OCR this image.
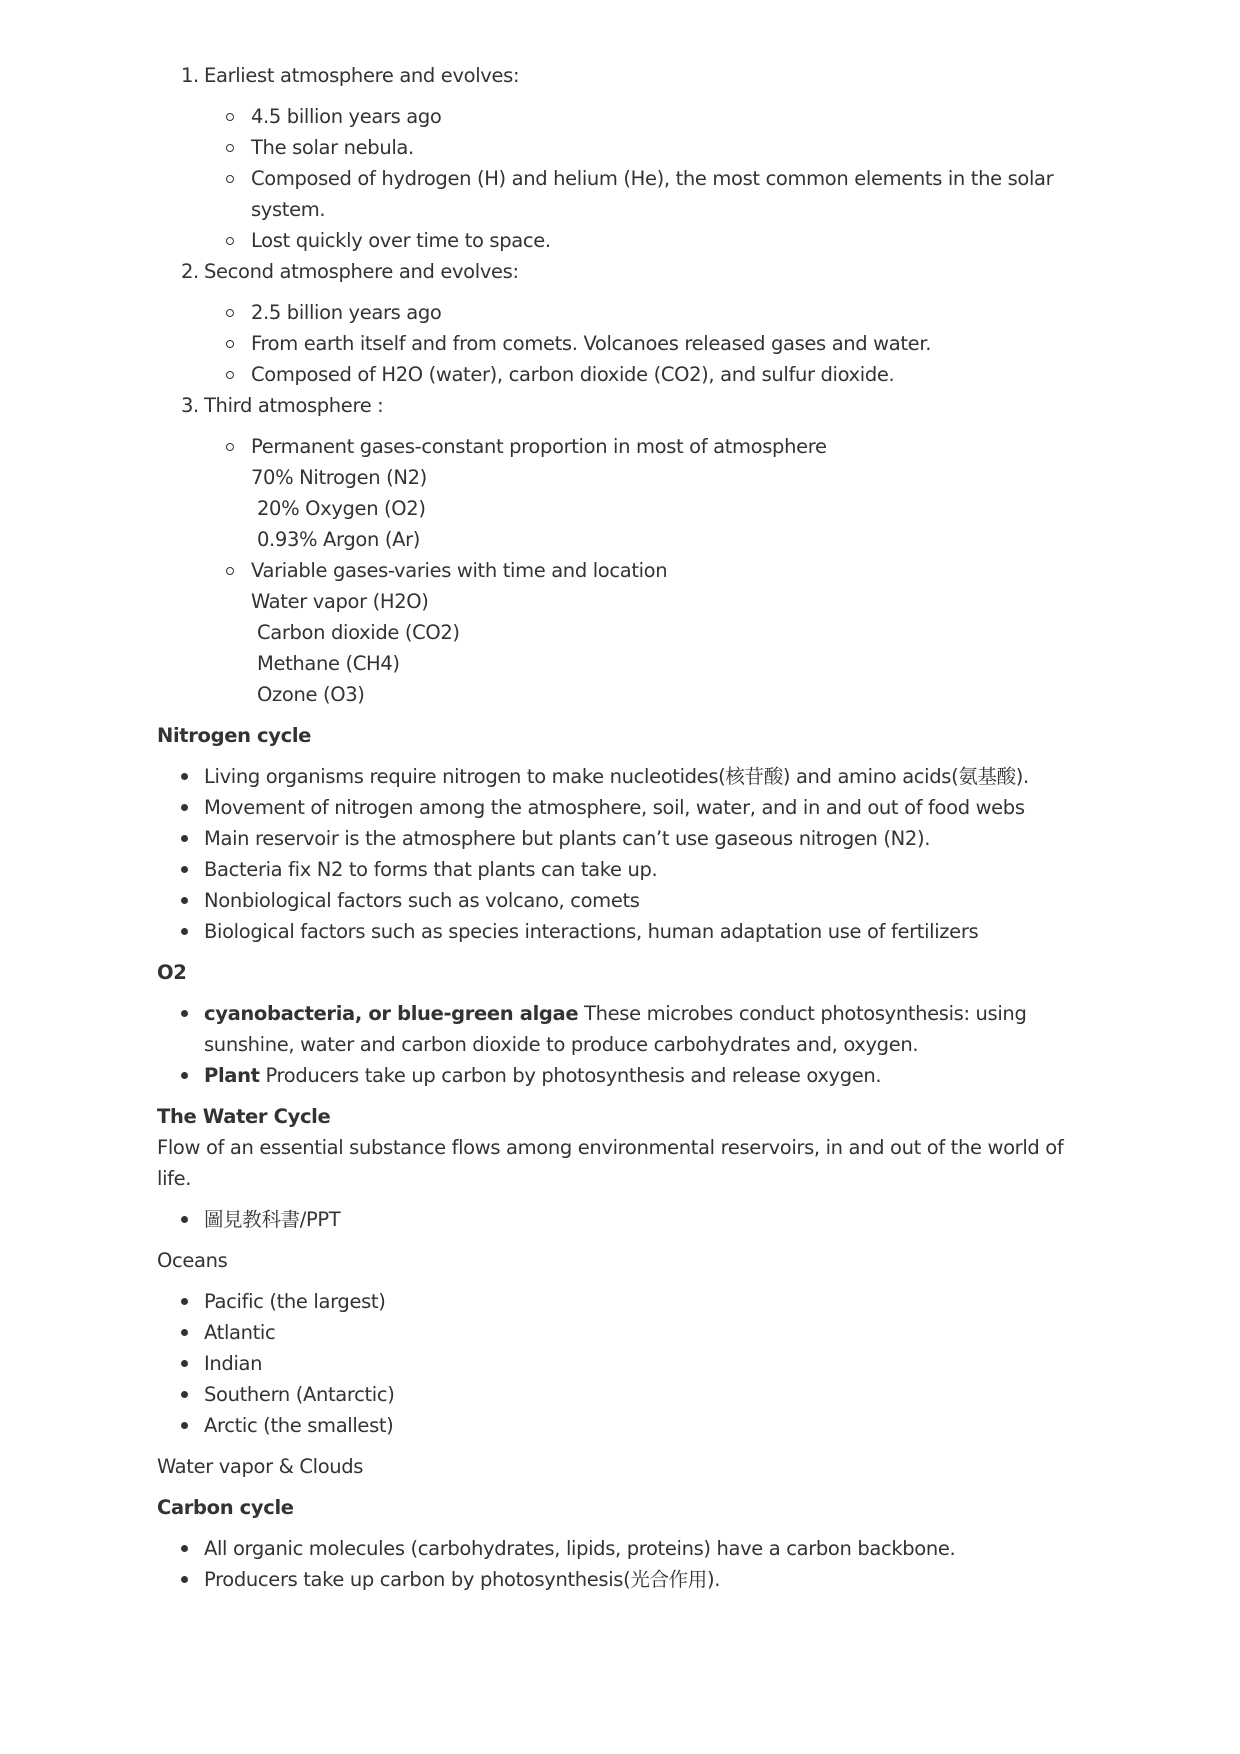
1. Earliest atmosphere and evolves:
4.5 billion years ago
The solar nebula.
Composed of hydrogen (H) and helium (He), the most common elements in the solar system.
Lost quickly over time to space.
2. Second atmosphere and evolves:
2.5 billion years ago
From earth itself and from comets. Volcanoes released gases and water.
Composed of H2O (water), carbon dioxide (CO2), and sulfur dioxide.
3. Third atmosphere :
Permanent gases-constant proportion in most of atmosphere
70% Nitrogen (N2)
20% Oxygen (O2)
0.93% Argon (Ar)
Variable gases-varies with time and location
Water vapor (H2O)
Carbon dioxide (CO2)
Methane (CH4)
Ozone (O3)
Nitrogen cycle
Living organisms require nitrogen to make nucleotides(核苷酸) and amino acids(氨基酸).
Movement of nitrogen among the atmosphere, soil, water, and in and out of food webs
Main reservoir is the atmosphere but plants can’t use gaseous nitrogen (N2).
Bacteria fix N2 to forms that plants can take up.
Nonbiological factors such as volcano, comets
Biological factors such as species interactions, human adaptation use of fertilizers
O2
cyanobacteria, or blue-green algae These microbes conduct photosynthesis: using sunshine, water and carbon dioxide to produce carbohydrates and, oxygen.
Plant Producers take up carbon by photosynthesis and release oxygen.
The Water Cycle

Flow of an essential substance flows among environmental reservoirs, in and out of the world of life.

圖見教科書/PPT

Oceans

Pacific (the largest)
Atlantic
Indian
Southern (Antarctic)
Arctic (the smallest)

Water vapor & Clouds

Carbon cycle
All organic molecules (carbohydrates, lipids, proteins) have a carbon backbone.
Producers take up carbon by photosynthesis(光合作用).
